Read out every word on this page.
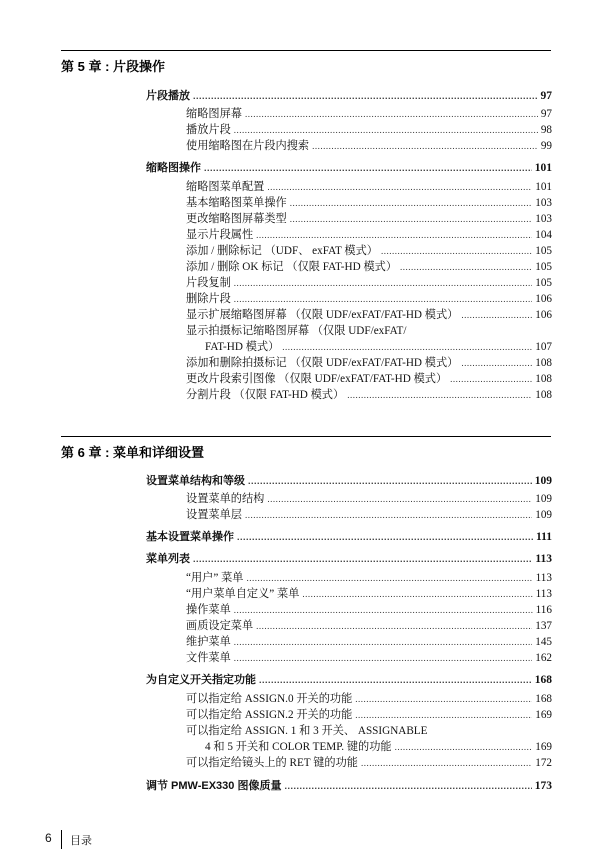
第 5 章 : 片段操作
片段播放 .....	97
缩略图屏幕 .....	97
播放片段 .....	98
使用缩略图在片段内搜索 .....	99
缩略图操作 .....	101
缩略图菜单配置 .....	101
基本缩略图菜单操作 .....	103
更改缩略图屏幕类型 .....	103
显示片段属性 .....	104
添加 / 删除标记 （UDF、 exFAT 模式） .....	105
添加 / 删除 OK 标记 （仅限 FAT-HD 模式） .....	105
片段复制 .....	105
删除片段 .....	106
显示扩展缩略图屏幕 （仅限 UDF/exFAT/FAT-HD 模式） .....	106
显示拍摄标记缩略图屏幕 （仅限 UDF/exFAT/
FAT-HD 模式） .....	107
添加和删除拍摄标记 （仅限 UDF/exFAT/FAT-HD 模式） .....	108
更改片段索引图像 （仅限 UDF/exFAT/FAT-HD 模式） .....	108
分割片段 （仅限 FAT-HD 模式） .....	108
第 6 章 : 菜单和详细设置
设置菜单结构和等级 .....	109
设置菜单的结构 .....	109
设置菜单层 .....	109
基本设置菜单操作 .....	111
菜单列表 .....	113
“用户” 菜单 .....	113
“用户菜单自定义” 菜单 .....	113
操作菜单 .....	116
画质设定菜单 .....	137
维护菜单 .....	145
文件菜单 .....	162
为自定义开关指定功能 .....	168
可以指定给 ASSIGN.0 开关的功能 .....	168
可以指定给 ASSIGN.2 开关的功能 .....	169
可以指定给 ASSIGN. 1 和 3 开关、 ASSIGNABLE
4 和 5 开关和 COLOR TEMP. 键的功能 .....	169
可以指定给镜头上的 RET 键的功能 .....	172
调节 PMW-EX330 图像质量 .....	173
6 目录
